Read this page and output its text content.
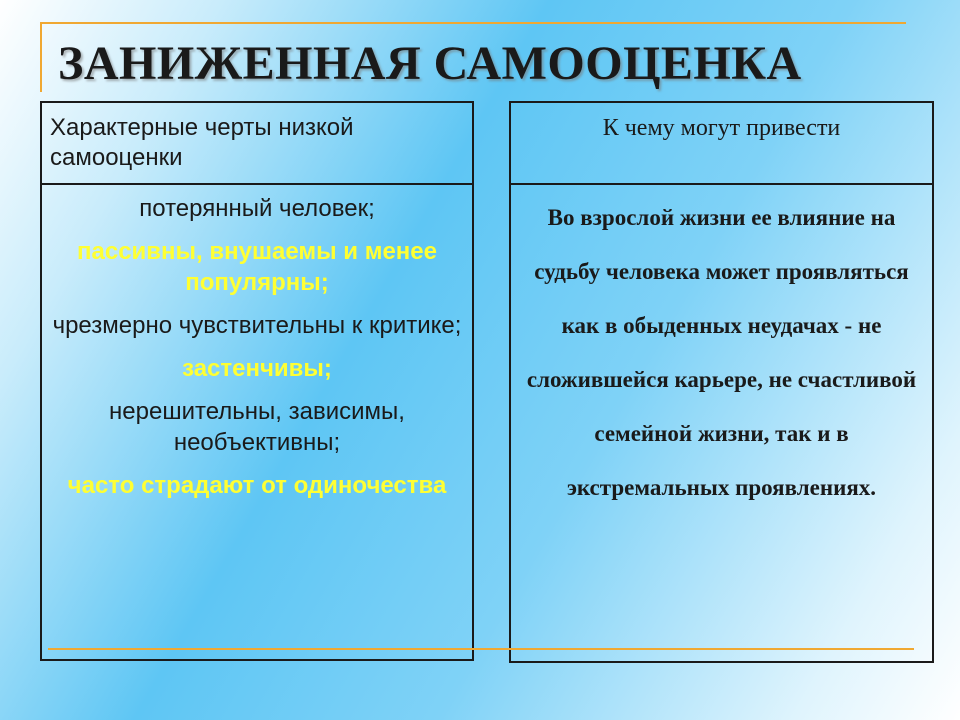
ЗАНИЖЕННАЯ САМООЦЕНКА
Характерные черты низкой самооценки
потерянный человек;
пассивны, внушаемы и менее популярны;
чрезмерно чувствительны к критике;
застенчивы;
нерешительны, зависимы, необъективны;
часто страдают от одиночества
К чему могут привести
Во взрослой жизни ее влияние на судьбу человека может проявляться как в обыденных неудачах - не сложившейся карьере, не счастливой семейной жизни, так и в экстремальных проявлениях.
